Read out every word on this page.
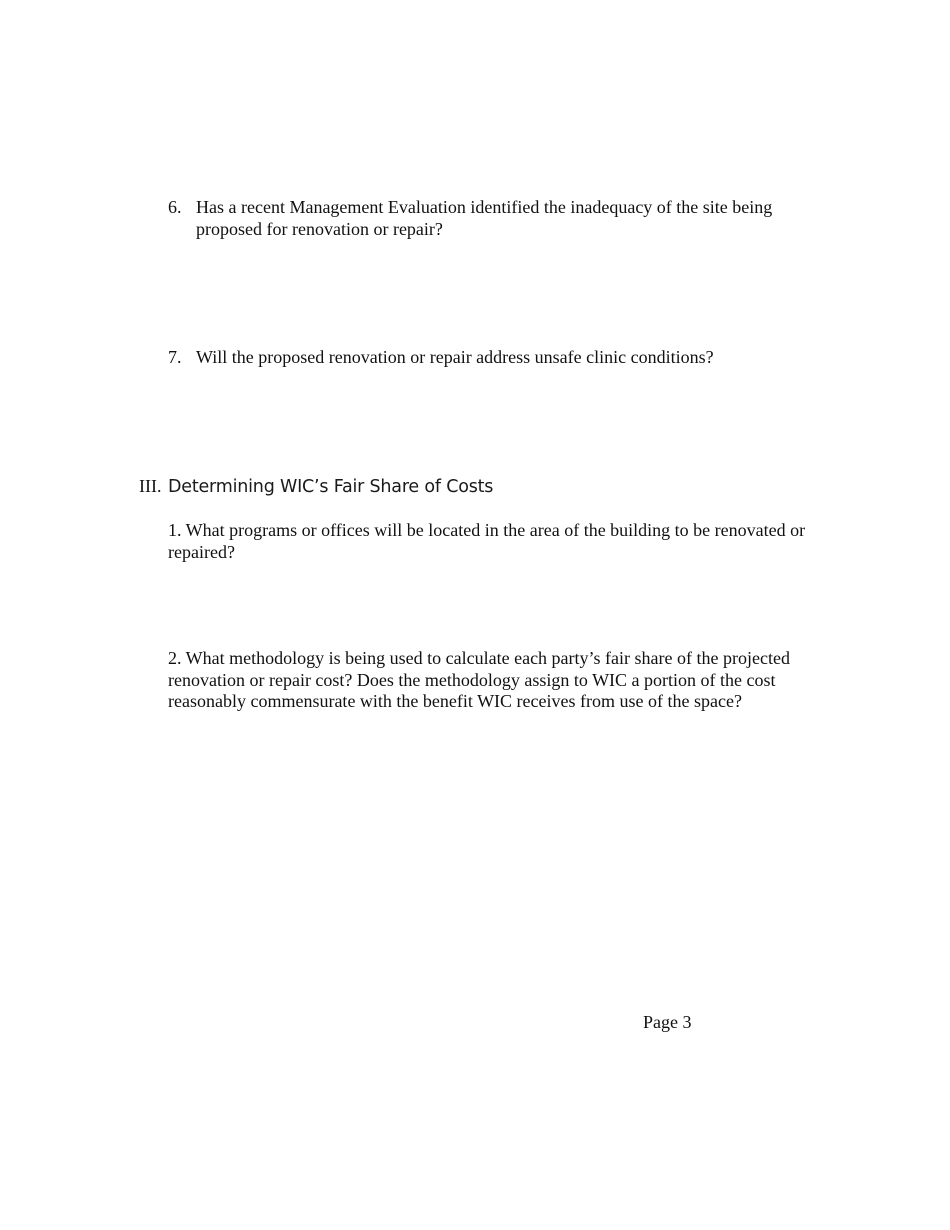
6. Has a recent Management Evaluation identified the inadequacy of the site being proposed for renovation or repair?
7. Will the proposed renovation or repair address unsafe clinic conditions?
III. Determining WIC’s Fair Share of Costs
1. What programs or offices will be located in the area of the building to be renovated or repaired?
2. What methodology is being used to calculate each party’s fair share of the projected renovation or repair cost? Does the methodology assign to WIC a portion of the cost reasonably commensurate with the benefit WIC receives from use of the space?
Page 3
